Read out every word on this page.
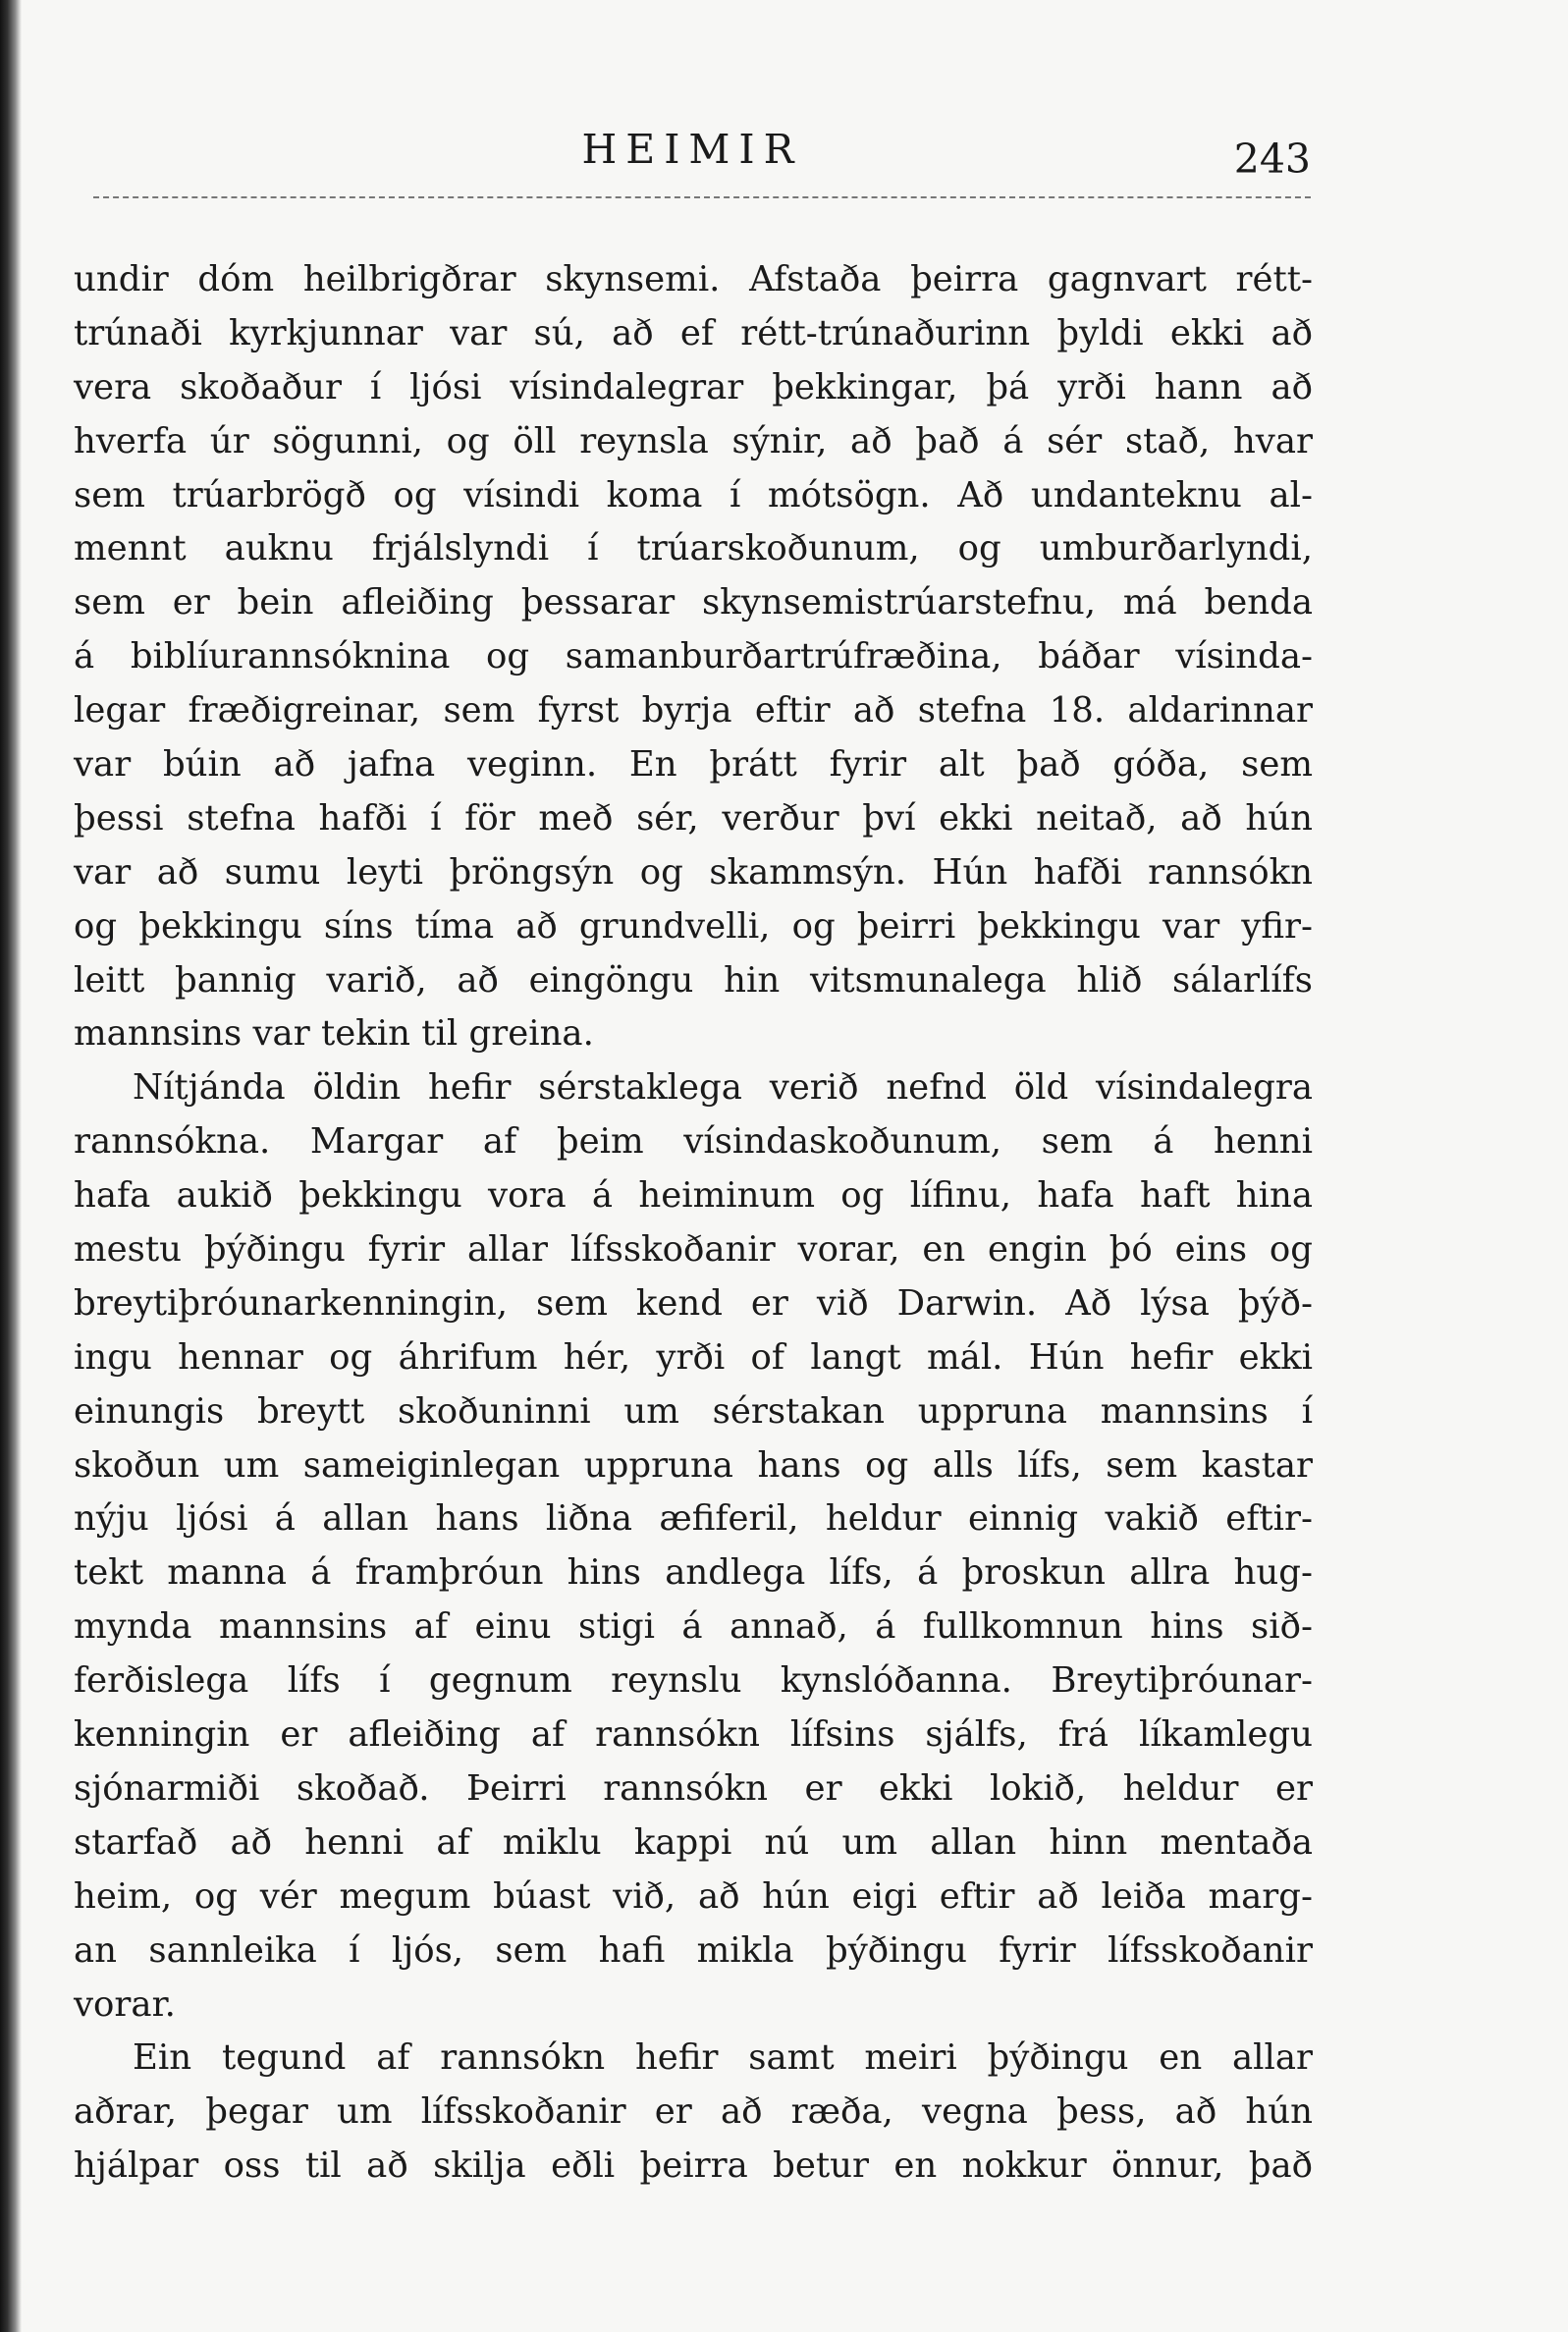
HEIMIR	243
undir dóm heilbrigðrar skynsemi. Afstaða þeirra gagnvart rétt-
trúnaði kyrkjunnar var sú, að ef rétt-trúnaðurinn þyldi ekki að
vera skoðaður í ljósi vísindalegrar þekkingar, þá yrði hann að
hverfa úr sögunni, og öll reynsla sýnir, að það á sér stað, hvar
sem trúarbrögð og vísindi koma í mótsögn. Að undanteknu al-
mennt auknu frjálslyndi í trúarskoðunum, og umburðarlyndi,
sem er bein afleiðing þessarar skynsemistrúarstefnu, má benda
á biblíurannsóknina og samanburðartrúfræðina, báðar vísinda-
legar fræðigreinar, sem fyrst byrja eftir að stefna 18. aldarinnar
var búin að jafna veginn. En þrátt fyrir alt það góða, sem
þessi stefna hafði í för með sér, verður því ekki neitað, að hún
var að sumu leyti þröngsýn og skammsýn. Hún hafði rannsókn
og þekkingu síns tíma að grundvelli, og þeirri þekkingu var yfir-
leitt þannig varið, að eingöngu hin vitsmunalega hlið sálarlífs
mannsins var tekin til greina.
Nítjánda öldin hefir sérstaklega verið nefnd öld vísindalegra
rannsókna. Margar af þeim vísindaskoðunum, sem á henni
hafa aukið þekkingu vora á heiminum og lífinu, hafa haft hina
mestu þýðingu fyrir allar lífsskoðanir vorar, en engin þó eins og
breytiþróunarkenningin, sem kend er við Darwin. Að lýsa þýð-
ingu hennar og áhrifum hér, yrði of langt mál. Hún hefir ekki
einungis breytt skoðuninni um sérstakan uppruna mannsins í
skoðun um sameiginlegan uppruna hans og alls lífs, sem kastar
nýju ljósi á allan hans liðna æfiferil, heldur einnig vakið eftir-
tekt manna á framþróun hins andlega lífs, á þroskun allra hug-
mynda mannsins af einu stigi á annað, á fullkomnun hins sið-
ferðislega lífs í gegnum reynslu kynslóðanna. Breytiþróunar-
kenningin er afleiðing af rannsókn lífsins sjálfs, frá líkamlegu
sjónarmiði skoðað. Þeirri rannsókn er ekki lokið, heldur er
starfað að henni af miklu kappi nú um allan hinn mentaða
heim, og vér megum búast við, að hún eigi eftir að leiða marg-
an sannleika í ljós, sem hafi mikla þýðingu fyrir lífsskoðanir
vorar.
Ein tegund af rannsókn hefir samt meiri þýðingu en allar
aðrar, þegar um lífsskoðanir er að ræða, vegna þess, að hún
hjálpar oss til að skilja eðli þeirra betur en nokkur önnur, það
